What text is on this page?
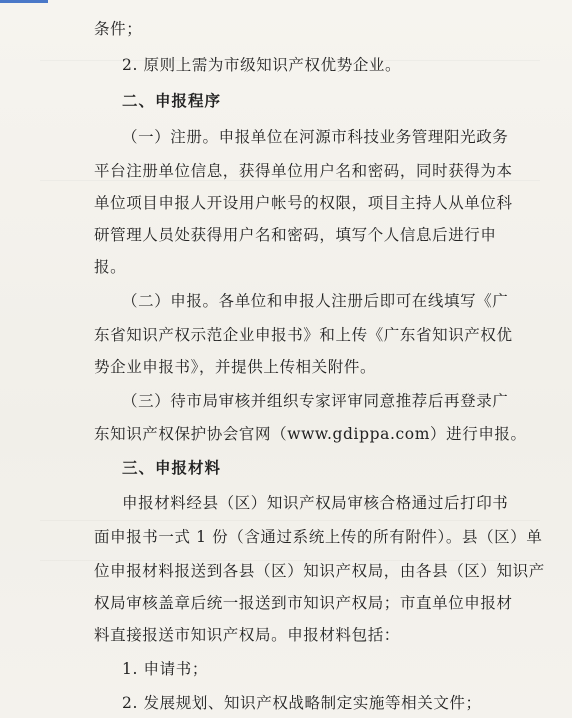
条件；
2. 原则上需为市级知识产权优势企业。
二、申报程序
（一）注册。申报单位在河源市科技业务管理阳光政务
平台注册单位信息，获得单位用户名和密码，同时获得为本
单位项目申报人开设用户帐号的权限，项目主持人从单位科
研管理人员处获得用户名和密码，填写个人信息后进行申
报。
（二）申报。各单位和申报人注册后即可在线填写《广
东省知识产权示范企业申报书》和上传《广东省知识产权优
势企业申报书》，并提供上传相关附件。
（三）待市局审核并组织专家评审同意推荐后再登录广
东知识产权保护协会官网（www.gdippa.com）进行申报。
三、申报材料
申报材料经县（区）知识产权局审核合格通过后打印书
面申报书一式 1 份（含通过系统上传的所有附件）。县（区）单
位申报材料报送到各县（区）知识产权局，由各县（区）知识产
权局审核盖章后统一报送到市知识产权局；市直单位申报材
料直接报送市知识产权局。申报材料包括：
1. 申请书；
2. 发展规划、知识产权战略制定实施等相关文件；
